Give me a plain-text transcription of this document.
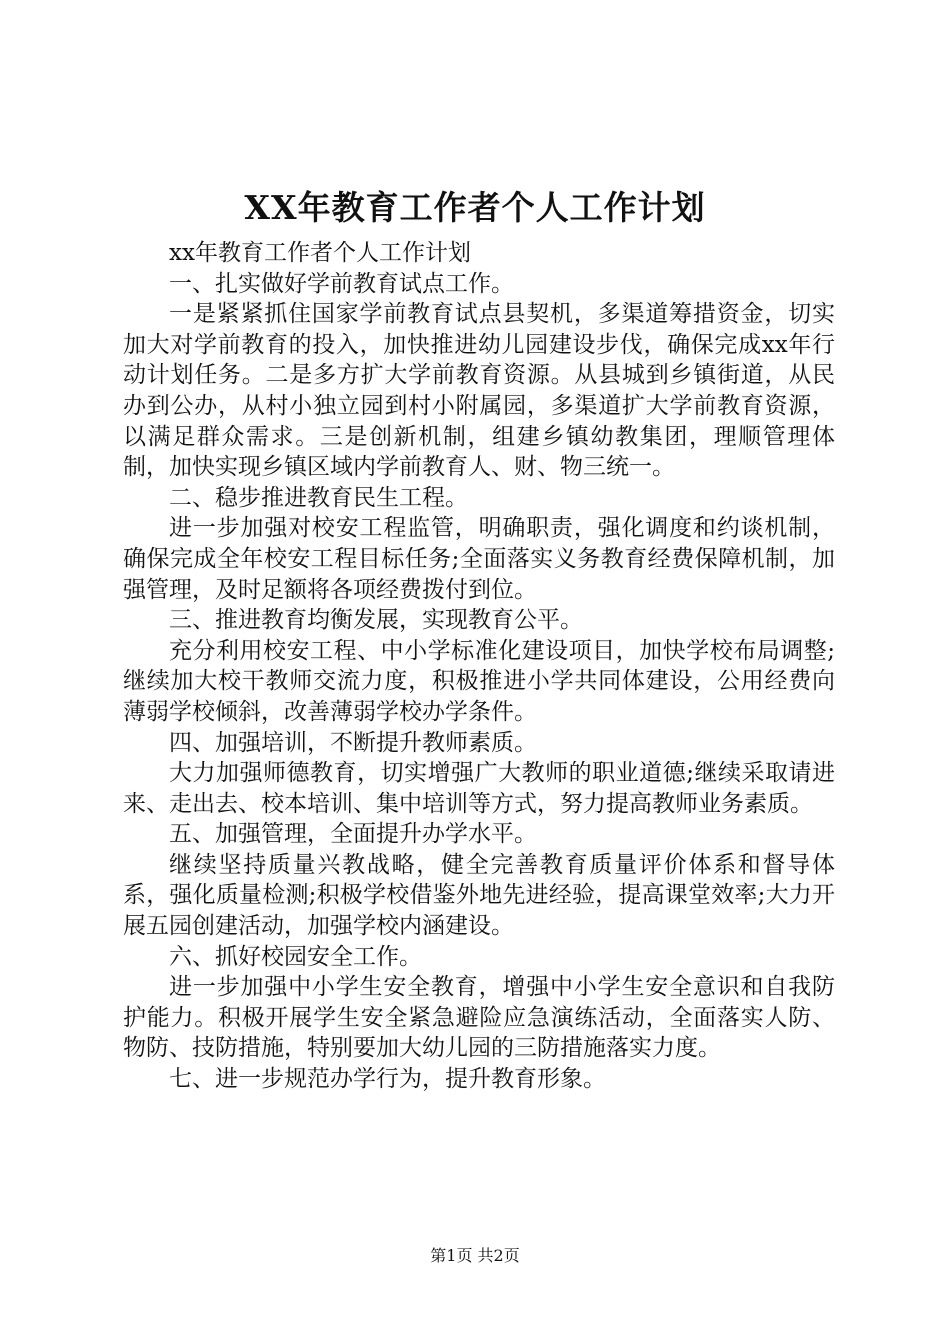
XX年教育工作者个人工作计划

xx年教育工作者个人工作计划

一、扎实做好学前教育试点工作。

一是紧紧抓住国家学前教育试点县契机，多渠道筹措资金，切实加大对学前教育的投入，加快推进幼儿园建设步伐，确保完成xx年行动计划任务。二是多方扩大学前教育资源。从县城到乡镇街道，从民办到公办，从村小独立园到村小附属园，多渠道扩大学前教育资源，以满足群众需求。三是创新机制，组建乡镇幼教集团，理顺管理体制，加快实现乡镇区域内学前教育人、财、物三统一。

二、稳步推进教育民生工程。

进一步加强对校安工程监管，明确职责，强化调度和约谈机制，确保完成全年校安工程目标任务;全面落实义务教育经费保障机制，加强管理，及时足额将各项经费拨付到位。

三、推进教育均衡发展，实现教育公平。

充分利用校安工程、中小学标准化建设项目，加快学校布局调整;继续加大校干教师交流力度，积极推进小学共同体建设，公用经费向薄弱学校倾斜，改善薄弱学校办学条件。

四、加强培训，不断提升教师素质。

大力加强师德教育，切实增强广大教师的职业道德;继续采取请进来、走出去、校本培训、集中培训等方式，努力提高教师业务素质。

五、加强管理，全面提升办学水平。

继续坚持质量兴教战略，健全完善教育质量评价体系和督导体系，强化质量检测;积极学校借鉴外地先进经验，提高课堂效率;大力开展五园创建活动，加强学校内涵建设。

六、抓好校园安全工作。

进一步加强中小学生安全教育，增强中小学生安全意识和自我防护能力。积极开展学生安全紧急避险应急演练活动，全面落实人防、物防、技防措施，特别要加大幼儿园的三防措施落实力度。

七、进一步规范办学行为，提升教育形象。

第1页 共2页
